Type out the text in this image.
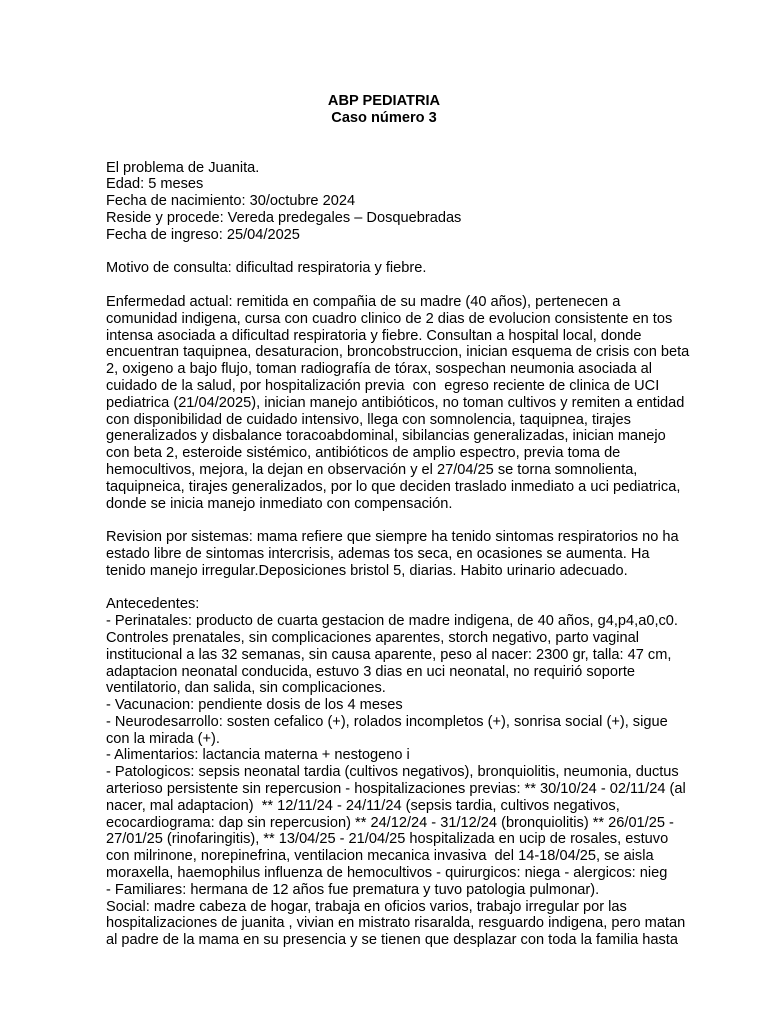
ABP PEDIATRIA
Caso número 3
El problema de Juanita.
Edad: 5 meses
Fecha de nacimiento: 30/octubre 2024
Reside y procede: Vereda predegales – Dosquebradas
Fecha de ingreso: 25/04/2025
Motivo de consulta: dificultad respiratoria y fiebre.
Enfermedad actual: remitida en compañia de su madre (40 años), pertenecen a
comunidad indigena, cursa con cuadro clinico de 2 dias de evolucion consistente en tos
intensa asociada a dificultad respiratoria y fiebre. Consultan a hospital local, donde
encuentran taquipnea, desaturacion, broncobstruccion, inician esquema de crisis con beta
2, oxigeno a bajo flujo, toman radiografía de tórax, sospechan neumonia asociada al
cuidado de la salud, por hospitalización previa  con  egreso reciente de clinica de UCI
pediatrica (21/04/2025), inician manejo antibióticos, no toman cultivos y remiten a entidad
con disponibilidad de cuidado intensivo, llega con somnolencia, taquipnea, tirajes
generalizados y disbalance toracoabdominal, sibilancias generalizadas, inician manejo
con beta 2, esteroide sistémico, antibióticos de amplio espectro, previa toma de
hemocultivos, mejora, la dejan en observación y el 27/04/25 se torna somnolienta,
taquipneica, tirajes generalizados, por lo que deciden traslado inmediato a uci pediatrica,
donde se inicia manejo inmediato con compensación.
Revision por sistemas: mama refiere que siempre ha tenido sintomas respiratorios no ha
estado libre de sintomas intercrisis, ademas tos seca, en ocasiones se aumenta. Ha
tenido manejo irregular.Deposiciones bristol 5, diarias. Habito urinario adecuado.
Antecedentes:
- Perinatales: producto de cuarta gestacion de madre indigena, de 40 años, g4,p4,a0,c0.
Controles prenatales, sin complicaciones aparentes, storch negativo, parto vaginal
institucional a las 32 semanas, sin causa aparente, peso al nacer: 2300 gr, talla: 47 cm,
adaptacion neonatal conducida, estuvo 3 dias en uci neonatal, no requirió soporte
ventilatorio, dan salida, sin complicaciones.
- Vacunacion: pendiente dosis de los 4 meses
- Neurodesarrollo: sosten cefalico (+), rolados incompletos (+), sonrisa social (+), sigue
con la mirada (+).
- Alimentarios: lactancia materna + nestogeno i
- Patologicos: sepsis neonatal tardia (cultivos negativos), bronquiolitis, neumonia, ductus
arterioso persistente sin repercusion - hospitalizaciones previas: ** 30/10/24 - 02/11/24 (al
nacer, mal adaptacion)  ** 12/11/24 - 24/11/24 (sepsis tardia, cultivos negativos,
ecocardiograma: dap sin repercusion) ** 24/12/24 - 31/12/24 (bronquiolitis) ** 26/01/25 -
27/01/25 (rinofaringitis), ** 13/04/25 - 21/04/25 hospitalizada en ucip de rosales, estuvo
con milrinone, norepinefrina, ventilacion mecanica invasiva  del 14-18/04/25, se aisla
moraxella, haemophilus influenza de hemocultivos - quirurgicos: niega - alergicos: nieg
- Familiares: hermana de 12 años fue prematura y tuvo patologia pulmonar).
Social: madre cabeza de hogar, trabaja en oficios varios, trabajo irregular por las
hospitalizaciones de juanita , vivian en mistrato risaralda, resguardo indigena, pero matan
al padre de la mama en su presencia y se tienen que desplazar con toda la familia hasta
